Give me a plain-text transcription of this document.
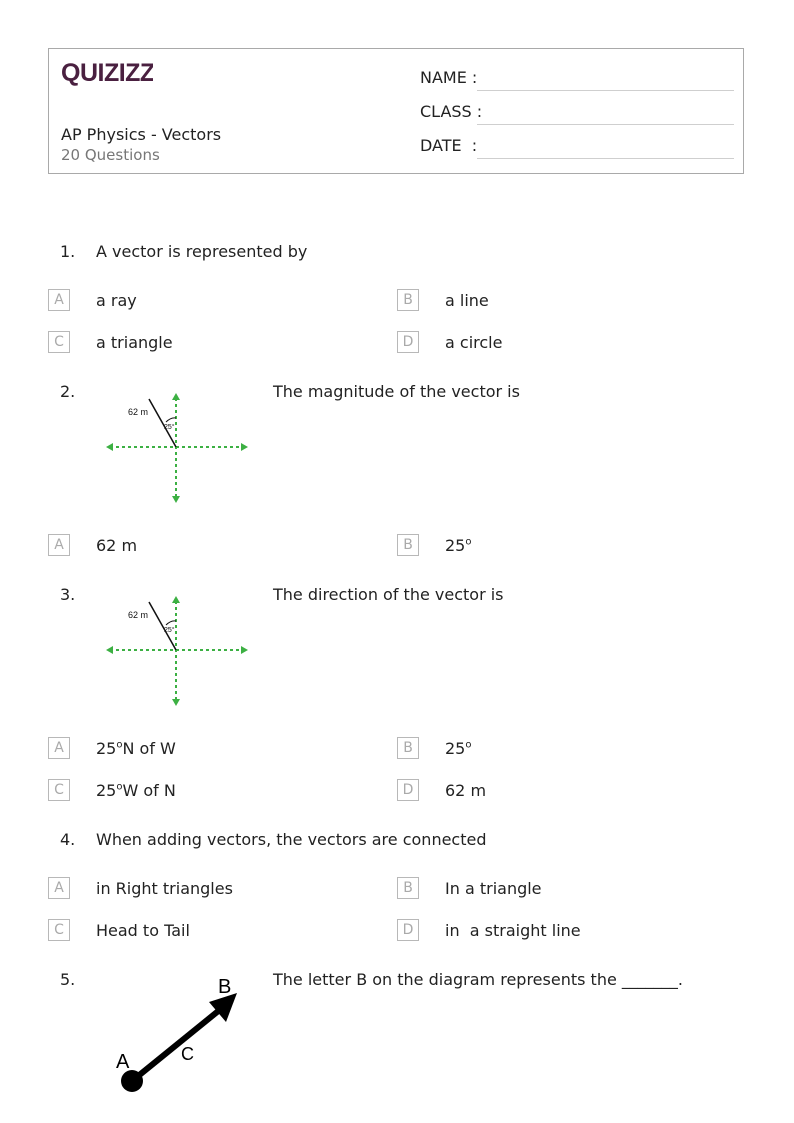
QUIZIZZ
AP Physics - Vectors
20 Questions
NAME :
CLASS :
DATE  :
1. A vector is represented by
A	a ray	B	a line
C	a triangle	D	a circle
2.
62 m
25°
The magnitude of the vector is
A	62 m	B	25$^o$
3.
62 m
25°
The direction of the vector is
A	25$^o$N of W	B	25$^o$
C	25$^o$W of N	D	62 m
4. When adding vectors, the vectors are connected
A	in Right triangles	B	In a triangle
C	Head to Tail	D	in  a straight line
5.
A
B
C
The letter B on the diagram represents the _______.
